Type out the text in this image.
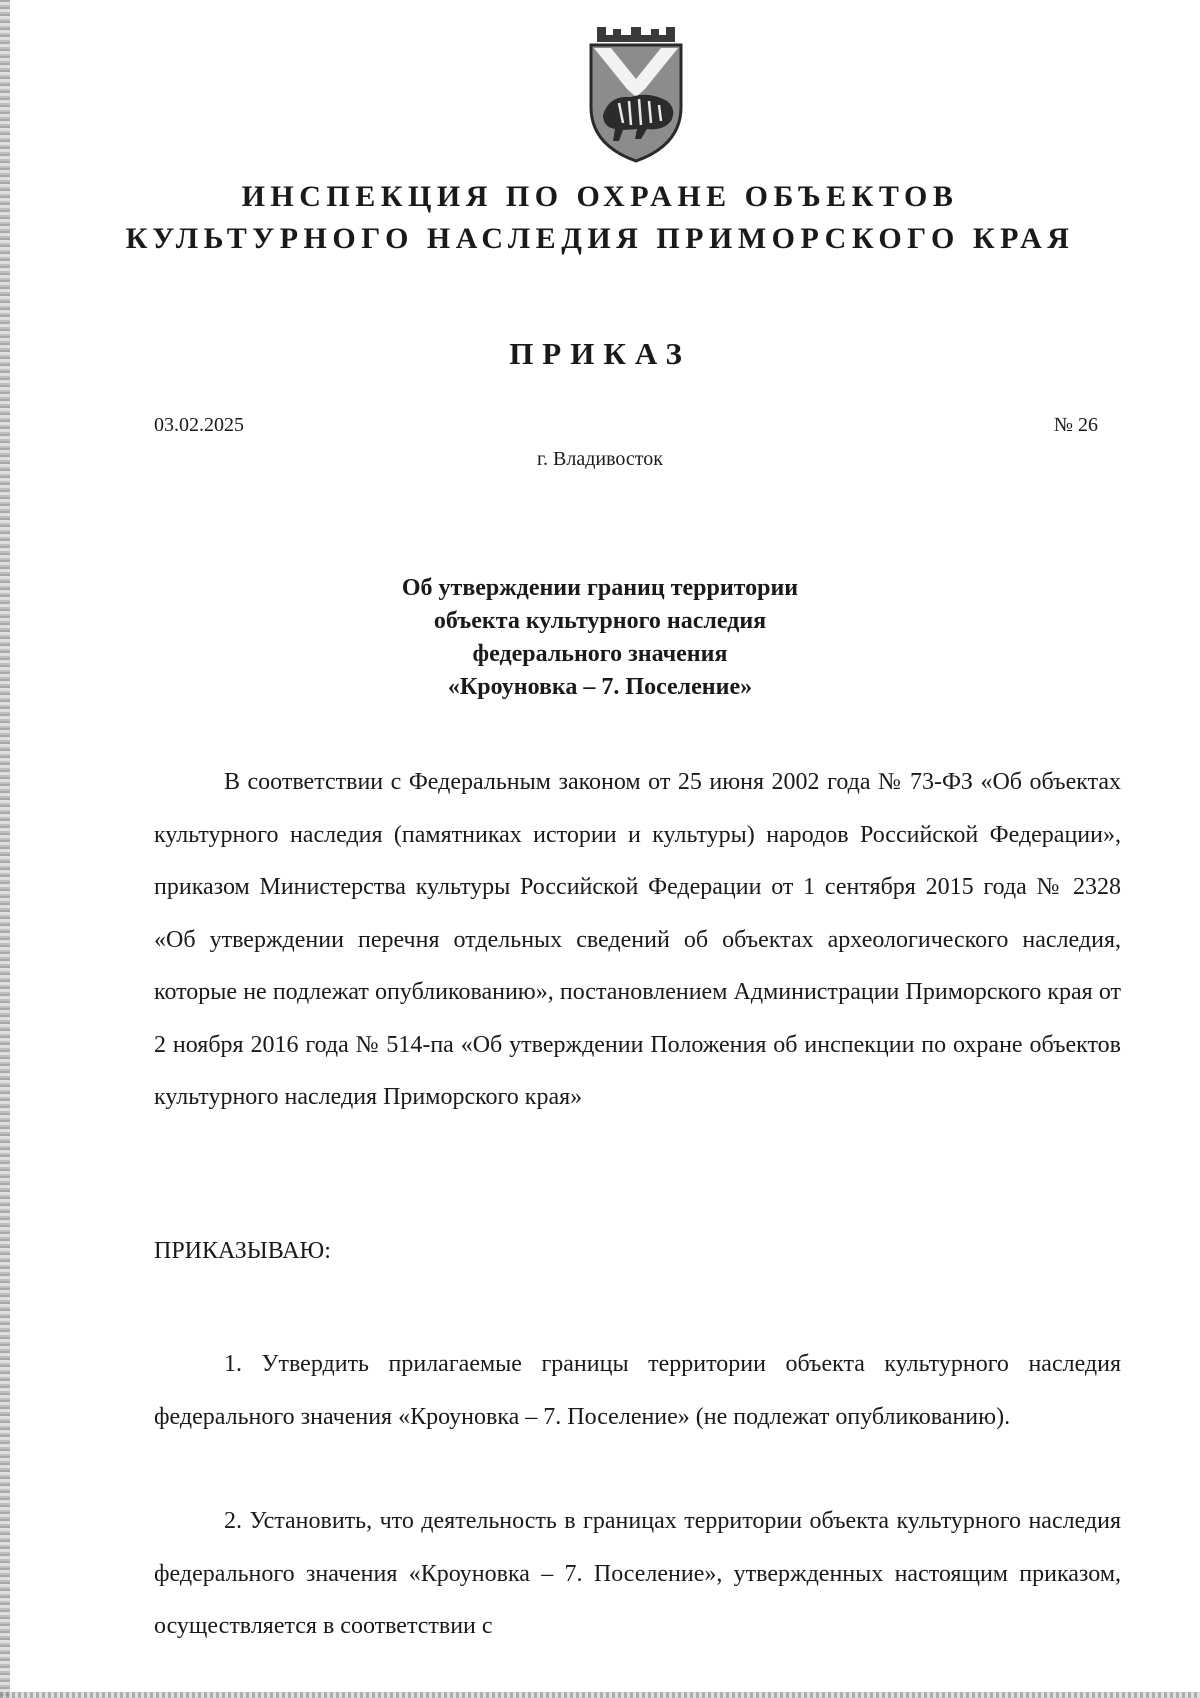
ИНСПЕКЦИЯ ПО ОХРАНЕ ОБЪЕКТОВ
КУЛЬТУРНОГО НАСЛЕДИЯ ПРИМОРСКОГО КРАЯ
ПРИКАЗ
03.02.2025	№ 26
г. Владивосток
Об утверждении границ территории
объекта культурного наследия
федерального значения
«Кроуновка – 7. Поселение»
В соответствии с Федеральным законом от 25 июня 2002 года № 73-ФЗ «Об объектах культурного наследия (памятниках истории и культуры) народов Российской Федерации», приказом Министерства культуры Российской Федерации от 1 сентября 2015 года № 2328 «Об утверждении перечня отдельных сведений об объектах археологического наследия, которые не подлежат опубликованию», постановлением Администрации Приморского края от 2 ноября 2016 года № 514-па «Об утверждении Положения об инспекции по охране объектов культурного наследия Приморского края»
ПРИКАЗЫВАЮ:
1. Утвердить прилагаемые границы территории объекта культурного наследия федерального значения «Кроуновка – 7. Поселение» (не подлежат опубликованию).
2. Установить, что деятельность в границах территории объекта культурного наследия федерального значения «Кроуновка – 7. Поселение», утвержденных настоящим приказом, осуществляется в соответствии с
